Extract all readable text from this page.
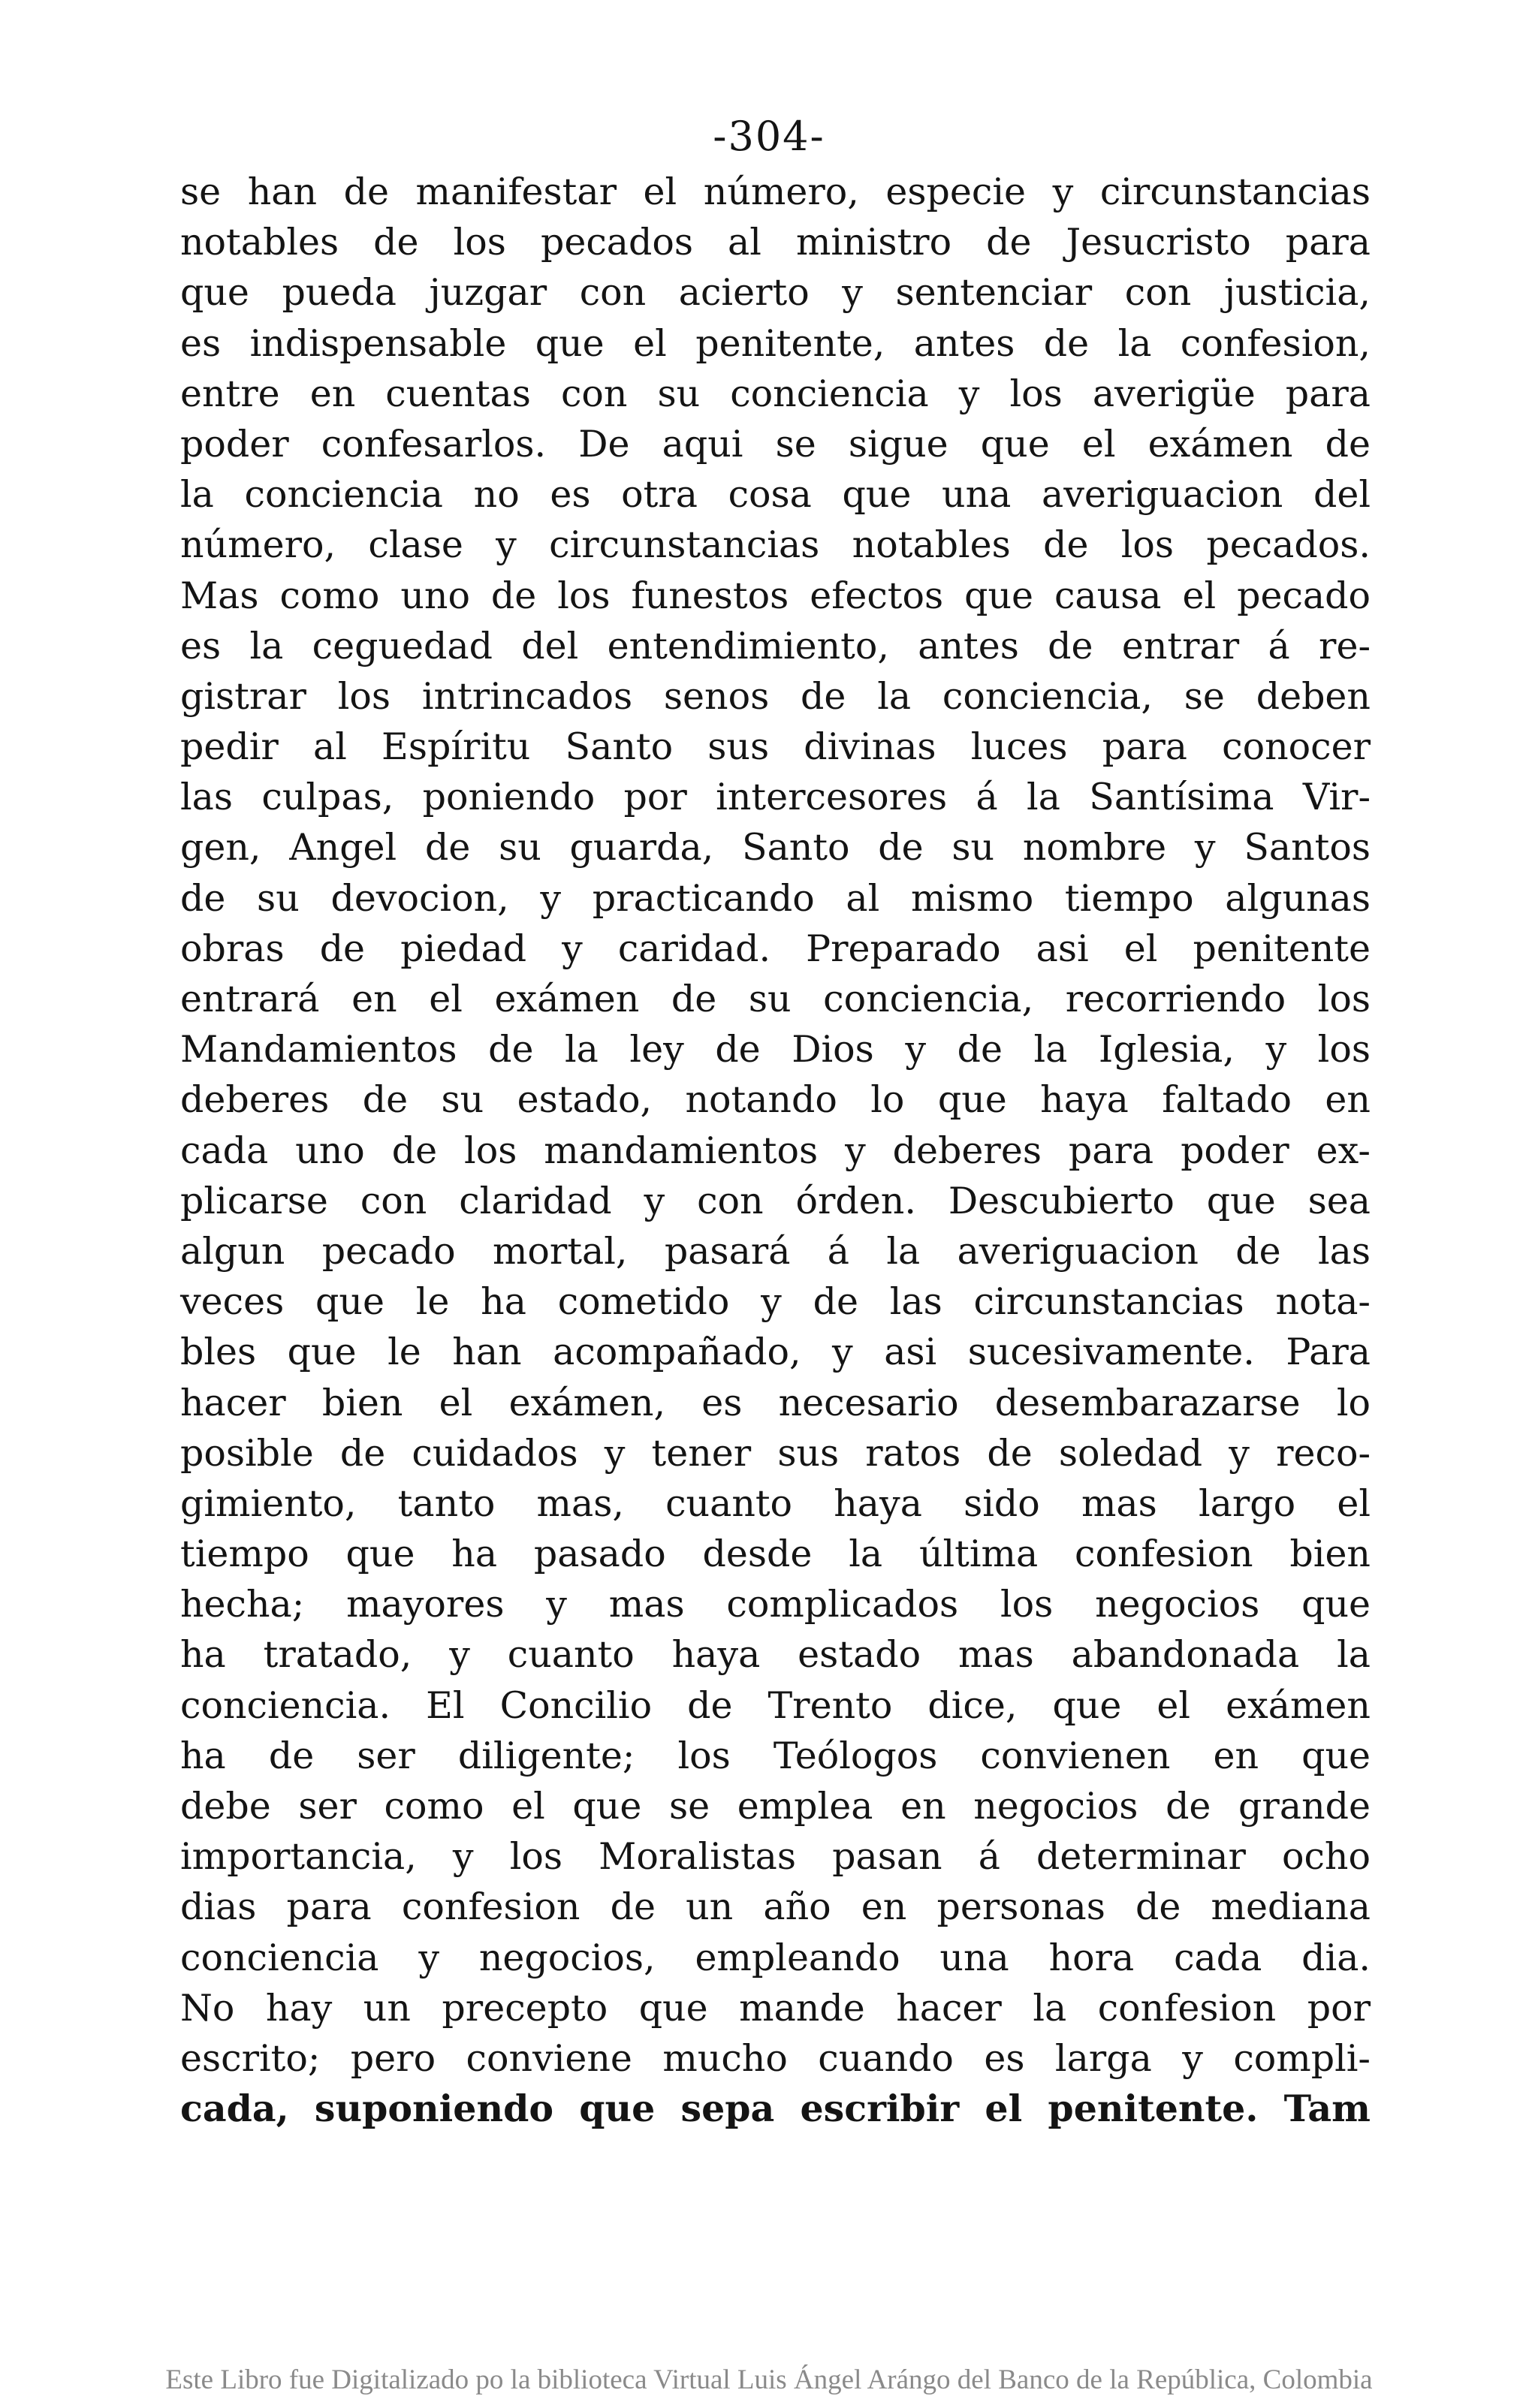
-304-
se han de manifestar el número, especie y circunstancias
notables de los pecados al ministro de Jesucristo para
que pueda juzgar con acierto y sentenciar con justicia,
es indispensable que el penitente, antes de la confesion,
entre en cuentas con su conciencia y los averigüe para
poder confesarlos. De aqui se sigue que el exámen de
la conciencia no es otra cosa que una averiguacion del
número, clase y circunstancias notables de los pecados.
Mas como uno de los funestos efectos que causa el pecado
es la ceguedad del entendimiento, antes de entrar á re-
gistrar los intrincados senos de la conciencia, se deben
pedir al Espíritu Santo sus divinas luces para conocer
las culpas, poniendo por intercesores á la Santísima Vir-
gen, Angel de su guarda, Santo de su nombre y Santos
de su devocion, y practicando al mismo tiempo algunas
obras de piedad y caridad. Preparado asi el penitente
entrará en el exámen de su conciencia, recorriendo los
Mandamientos de la ley de Dios y de la Iglesia, y los
deberes de su estado, notando lo que haya faltado en
cada uno de los mandamientos y deberes para poder ex-
plicarse con claridad y con órden. Descubierto que sea
algun pecado mortal, pasará á la averiguacion de las
veces que le ha cometido y de las circunstancias nota-
bles que le han acompañado, y asi sucesivamente. Para
hacer bien el exámen, es necesario desembarazarse lo
posible de cuidados y tener sus ratos de soledad y reco-
gimiento, tanto mas, cuanto haya sido mas largo el
tiempo que ha pasado desde la última confesion bien
hecha; mayores y mas complicados los negocios que
ha tratado, y cuanto haya estado mas abandonada la
conciencia. El Concilio de Trento dice, que el exámen
ha de ser diligente; los Teólogos convienen en que
debe ser como el que se emplea en negocios de grande
importancia, y los Moralistas pasan á determinar ocho
dias para confesion de un año en personas de mediana
conciencia y negocios, empleando una hora cada dia.
No hay un precepto que mande hacer la confesion por
escrito; pero conviene mucho cuando es larga y compli-
cada, suponiendo que sepa escribir el penitente. Tam
Este Libro fue Digitalizado po la biblioteca Virtual Luis Ángel Arángo del Banco de la República, Colombia
